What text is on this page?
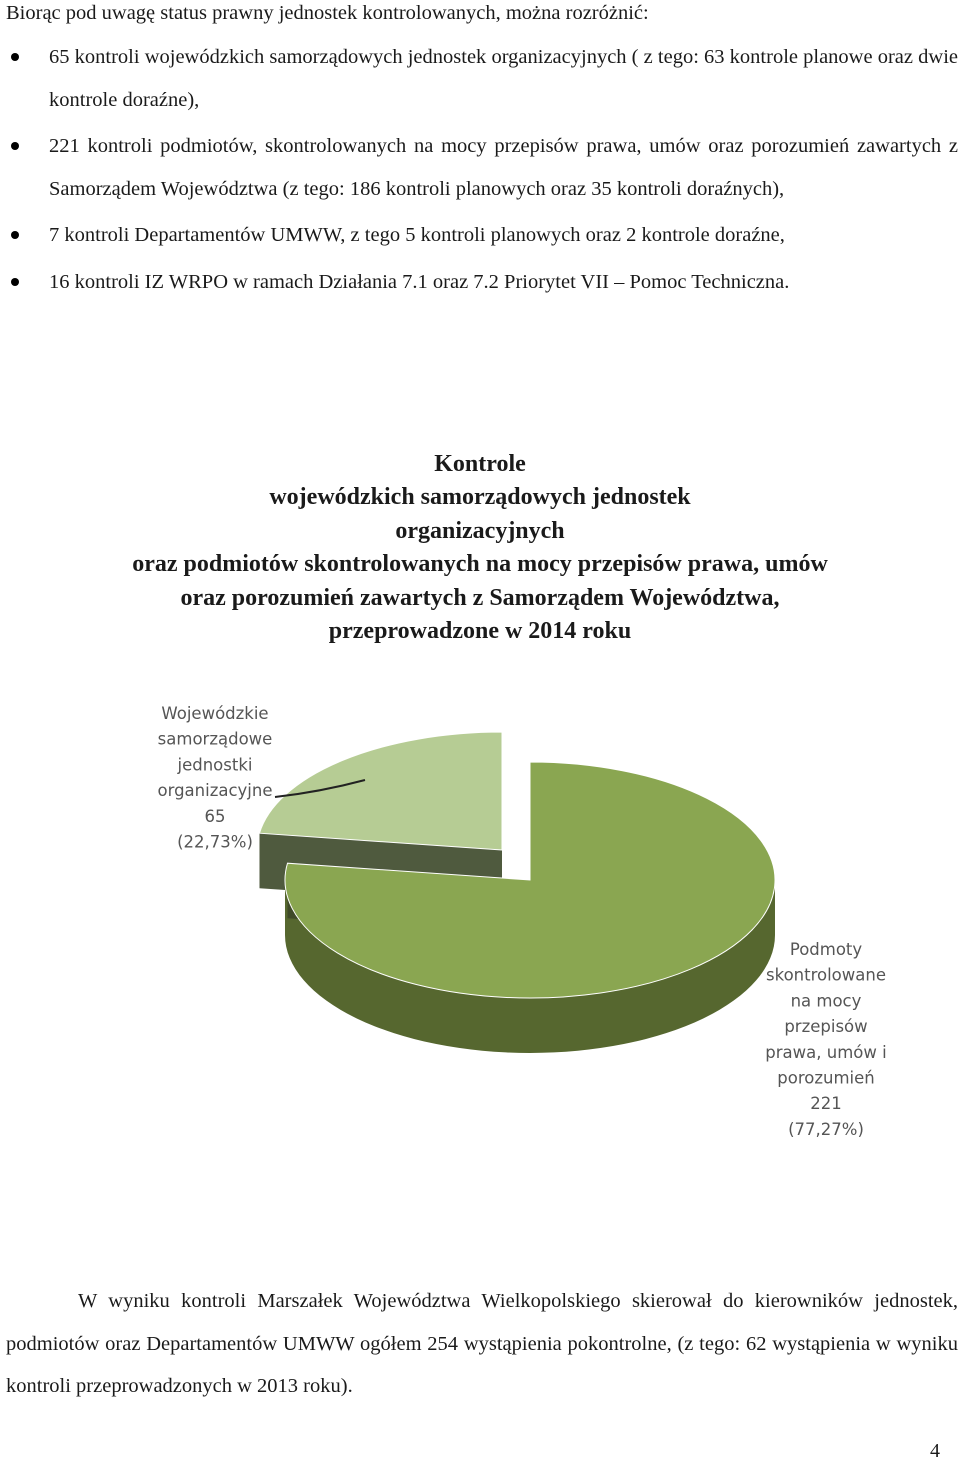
Biorąc pod uwagę status prawny jednostek kontrolowanych, można rozróżnić:

65 kontroli wojewódzkich samorządowych jednostek organizacyjnych ( z tego: 63 kontrole planowe oraz dwie kontrole doraźne),
221 kontroli podmiotów, skontrolowanych na mocy przepisów prawa, umów oraz porozumień zawartych z Samorządem Województwa (z tego: 186 kontroli planowych oraz 35 kontroli doraźnych),
7 kontroli Departamentów UMWW, z tego 5 kontroli planowych oraz 2 kontrole doraźne,
16 kontroli IZ WRPO w ramach Działania 7.1 oraz 7.2 Priorytet VII – Pomoc Techniczna.
Kontrole
wojewódzkich samorządowych jednostek
organizacyjnych
oraz podmiotów skontrolowanych na mocy przepisów prawa, umów
oraz porozumień zawartych z Samorządem Województwa,
przeprowadzone w 2014 roku
Wojewódzkie samorządowe jednostki organizacyjne 65 (22,73%)
Podmoty skontrolowane na mocy przepisów prawa, umów i porozumień 221 (77,27%)

W wyniku kontroli Marszałek Województwa Wielkopolskiego skierował do kierowników jednostek, podmiotów oraz Departamentów UMWW ogółem 254 wystąpienia pokontrolne, (z tego: 62 wystąpienia w wyniku kontroli przeprowadzonych w 2013 roku).

4
